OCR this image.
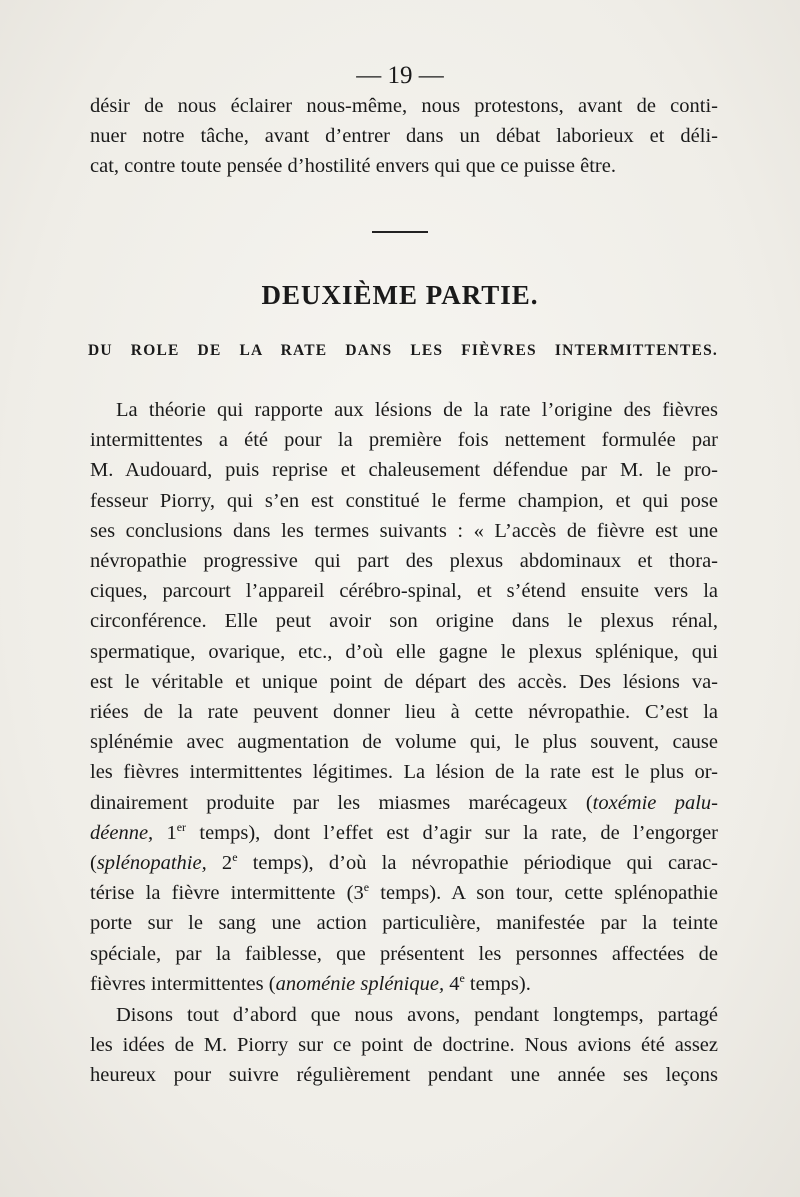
— 19 —
désir de nous éclairer nous-même, nous protestons, avant de conti-
nuer notre tâche, avant d’entrer dans un débat laborieux et déli-
cat, contre toute pensée d’hostilité envers qui que ce puisse être.
DEUXIÈME PARTIE.
DU ROLE DE LA RATE DANS LES FIÈVRES INTERMITTENTES.
La théorie qui rapporte aux lésions de la rate l’origine des fièvres
intermittentes a été pour la première fois nettement formulée par
M. Audouard, puis reprise et chaleusement défendue par M. le pro-
fesseur Piorry, qui s’en est constitué le ferme champion, et qui pose
ses conclusions dans les termes suivants : « L’accès de fièvre est une
névropathie progressive qui part des plexus abdominaux et thora-
ciques, parcourt l’appareil cérébro-spinal, et s’étend ensuite vers la
circonférence. Elle peut avoir son origine dans le plexus rénal,
spermatique, ovarique, etc., d’où elle gagne le plexus splénique, qui
est le véritable et unique point de départ des accès. Des lésions va-
riées de la rate peuvent donner lieu à cette névropathie. C’est la
splénémie avec augmentation de volume qui, le plus souvent, cause
les fièvres intermittentes légitimes. La lésion de la rate est le plus or-
dinairement produite par les miasmes marécageux (toxémie palu-
déenne, 1er temps), dont l’effet est d’agir sur la rate, de l’engorger
(splénopathie, 2e temps), d’où la névropathie périodique qui carac-
térise la fièvre intermittente (3e temps). A son tour, cette splénopathie
porte sur le sang une action particulière, manifestée par la teinte
spéciale, par la faiblesse, que présentent les personnes affectées de
fièvres intermittentes (anoménie splénique, 4e temps).
Disons tout d’abord que nous avons, pendant longtemps, partagé
les idées de M. Piorry sur ce point de doctrine. Nous avions été assez
heureux pour suivre régulièrement pendant une année ses leçons
